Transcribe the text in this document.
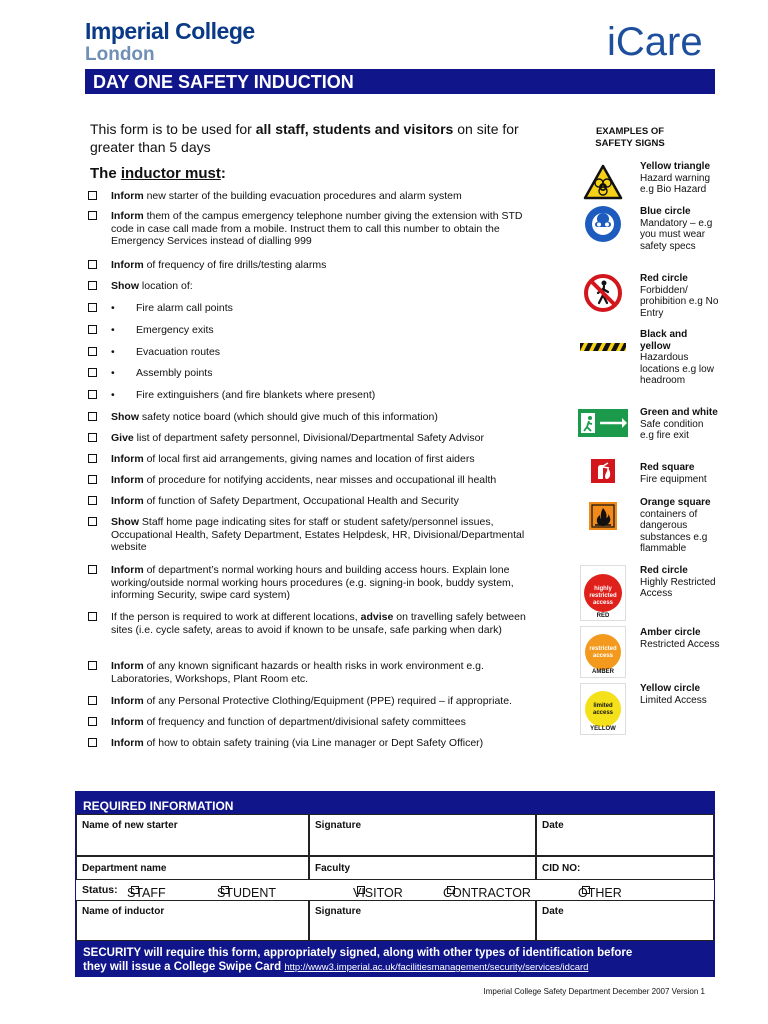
Imperial College
London	iCare
DAY ONE SAFETY INDUCTION
This form is to be used for all staff, students and visitors on site for greater than 5 days
The inductor must:
Inform new starter of the building evacuation procedures and alarm system
Inform them of the campus emergency telephone number giving the extension with STD code in case call made from a mobile. Instruct them to call this number to obtain the Emergency Services instead of dialling 999
Inform of frequency of fire drills/testing alarms
Show location of:
• Fire alarm call points
• Emergency exits
• Evacuation routes
• Assembly points
• Fire extinguishers (and fire blankets where present)
Show safety notice board (which should give much of this information)
Give list of department safety personnel, Divisional/Departmental Safety Advisor
Inform of local first aid arrangements, giving names and location of first aiders
Inform of procedure for notifying accidents, near misses and occupational ill health
Inform of function of Safety Department, Occupational Health and Security
Show Staff home page indicating sites for staff or student safety/personnel issues, Occupational Health, Safety Department, Estates Helpdesk, HR, Divisional/Departmental website
Inform of department’s normal working hours and building access hours. Explain lone working/outside normal working hours procedures (e.g. signing-in book, buddy system, informing Security, swipe card system)
If the person is required to work at different locations, advise on travelling safely between sites (i.e. cycle safety, areas to avoid if known to be unsafe, safe parking when dark)
Inform of any known significant hazards or health risks in work environment e.g. Laboratories, Workshops, Plant Room etc.
Inform of any Personal Protective Clothing/Equipment (PPE) required – if appropriate.
Inform of frequency and function of department/divisional safety committees
Inform of how to obtain safety training (via Line manager or Dept Safety Officer)
EXAMPLES OF SAFETY SIGNS
Yellow triangle
Hazard warning e.g Bio Hazard
Blue circle
Mandatory – e.g you must wear safety specs
Red circle
Forbidden/ prohibition e.g No Entry
Black and yellow
Hazardous locations e.g low headroom
Green and white
Safe condition e.g fire exit
Red square
Fire equipment
Orange square
containers of dangerous substances e.g flammable
highly restricted access
RED
Red circle
Highly Restricted Access
restricted access
AMBER
Amber circle
Restricted Access
limited access
YELLOW
Yellow circle
Limited Access
REQUIRED INFORMATION
Name of new starter	Signature	Date
Department name	Faculty	CID NO:
Status: STAFF	STUDENT	VISITOR	CONTRACTOR	OTHER
Name of inductor	Signature	Date
SECURITY will require this form, appropriately signed, along with other types of identification before
they will issue a College Swipe Card http://www3.imperial.ac.uk/facilitiesmanagement/security/services/idcard
Imperial College Safety Department December 2007 Version 1
